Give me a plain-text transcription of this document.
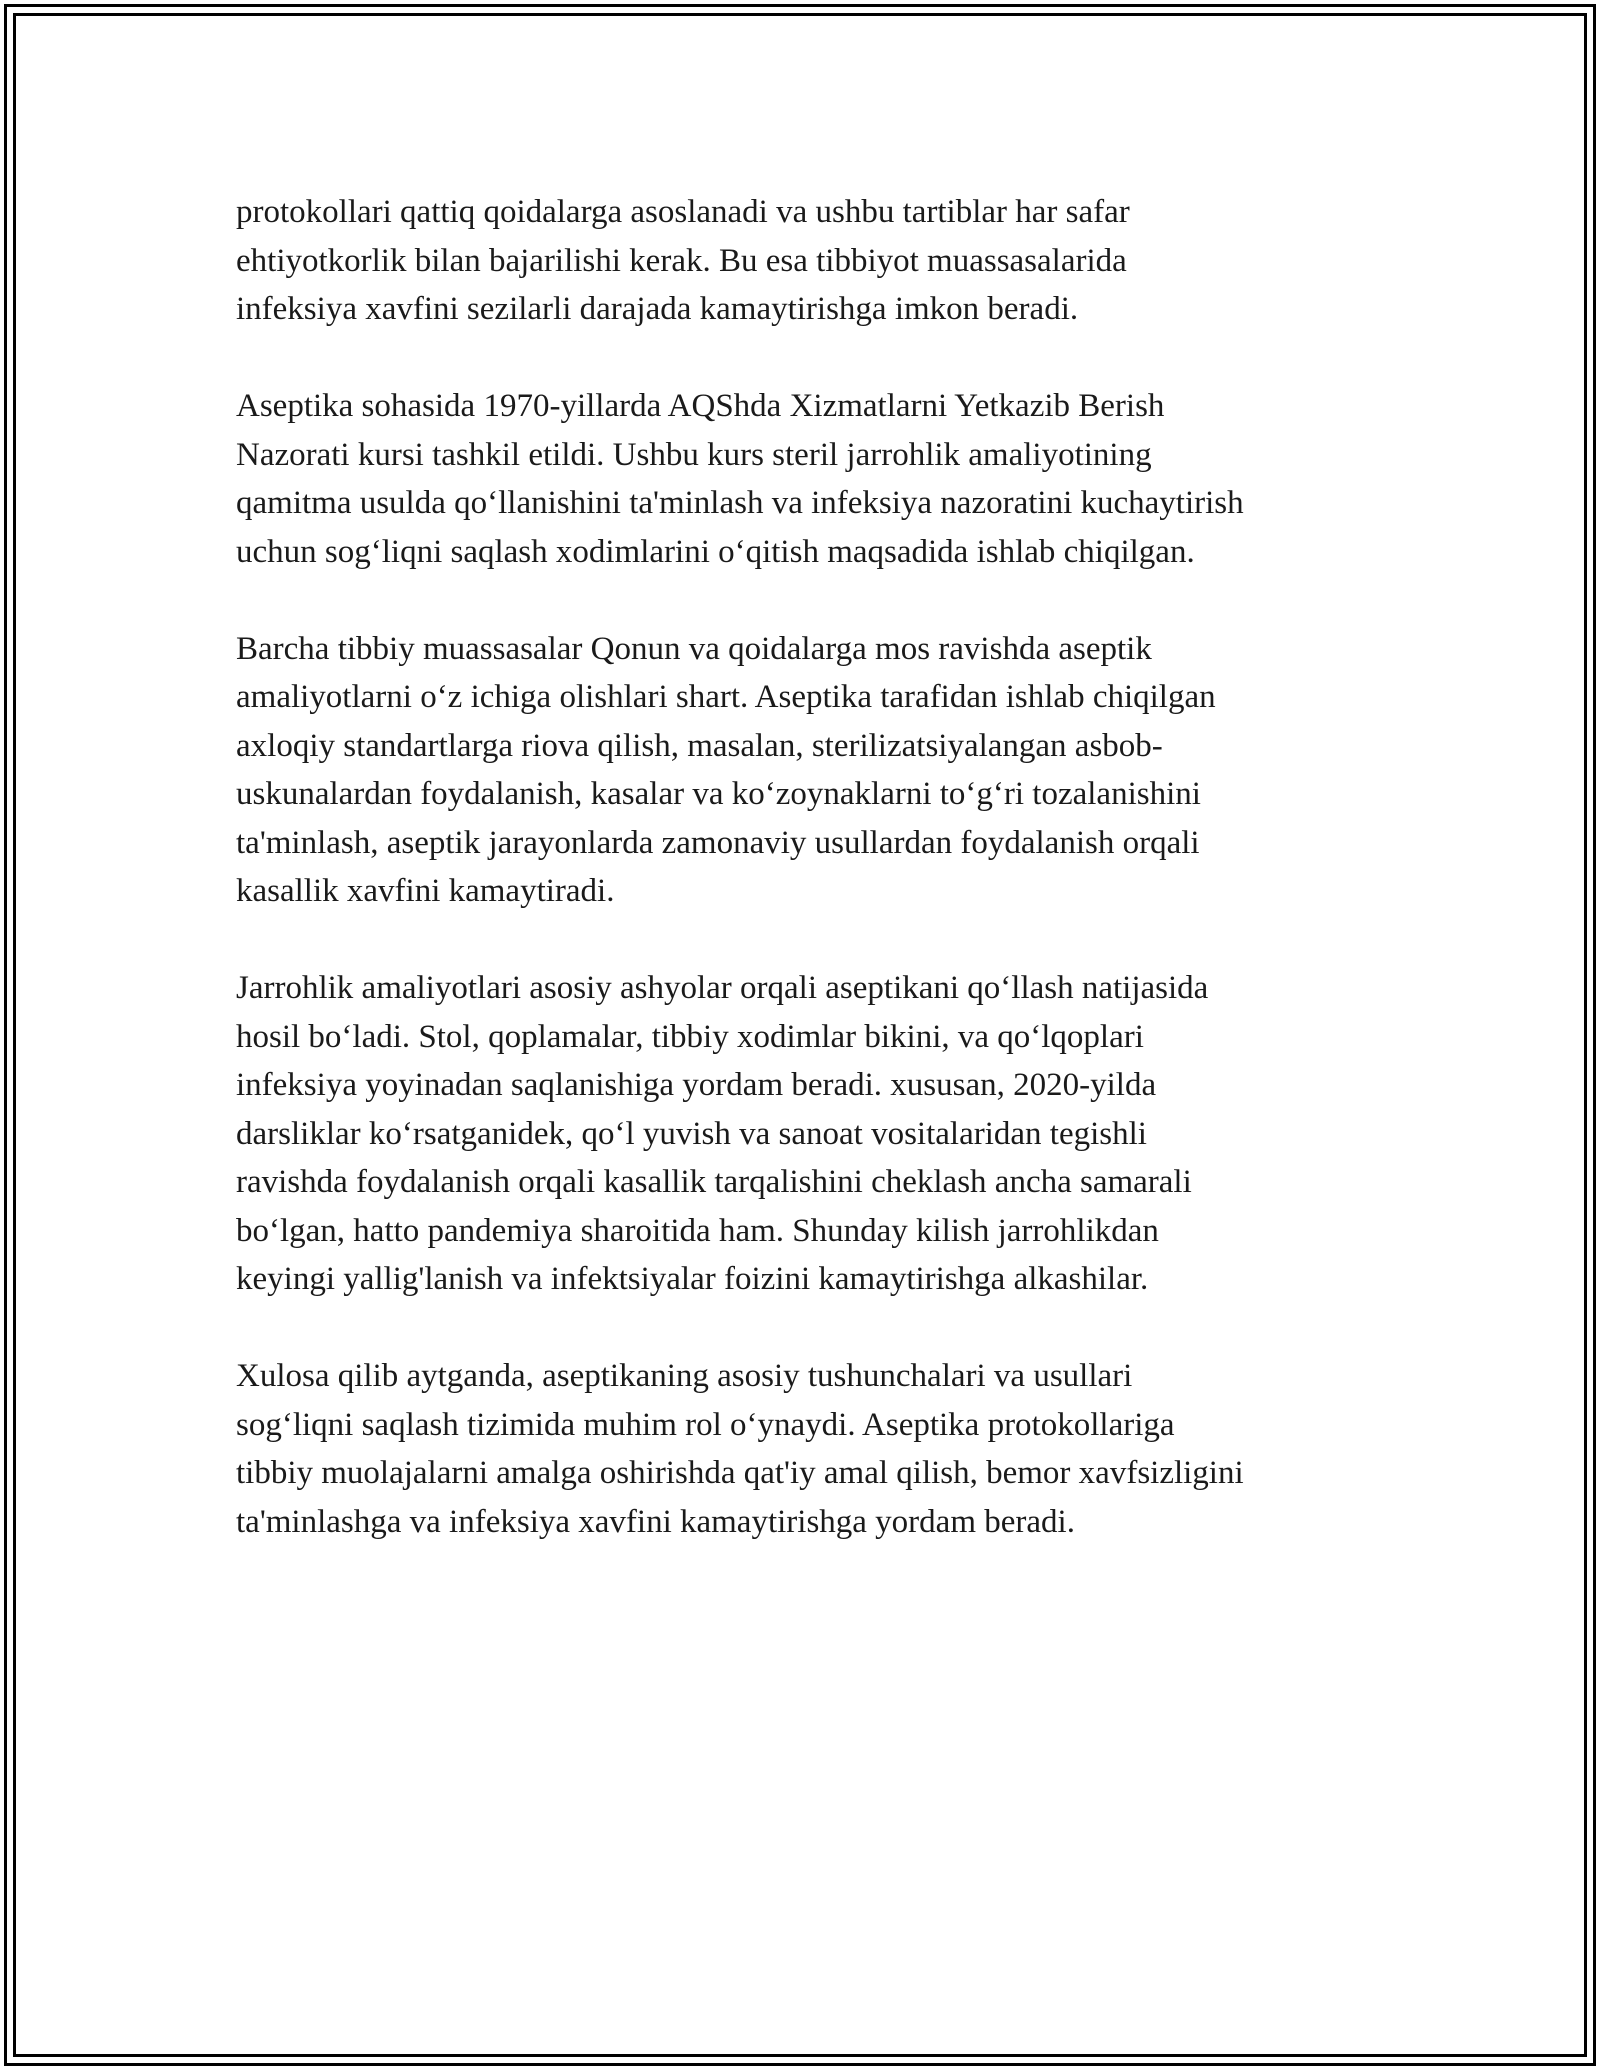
protokollari qattiq qoidalarga asoslanadi va ushbu tartiblar har safar
ehtiyotkorlik bilan bajarilishi kerak. Bu esa tibbiyot muassasalarida
infeksiya xavfini sezilarli darajada kamaytirishga imkon beradi.

Aseptika sohasida 1970-yillarda AQShda Xizmatlarni Yetkazib Berish
Nazorati kursi tashkil etildi. Ushbu kurs steril jarrohlik amaliyotining
qamitma usulda qo‘llanishini ta'minlash va infeksiya nazoratini kuchaytirish
uchun sog‘liqni saqlash xodimlarini o‘qitish maqsadida ishlab chiqilgan.

Barcha tibbiy muassasalar Qonun va qoidalarga mos ravishda aseptik
amaliyotlarni o‘z ichiga olishlari shart. Aseptika tarafidan ishlab chiqilgan
axloqiy standartlarga riova qilish, masalan, sterilizatsiyalangan asbob-
uskunalardan foydalanish, kasalar va ko‘zoynaklarni to‘g‘ri tozalanishini
ta'minlash, aseptik jarayonlarda zamonaviy usullardan foydalanish orqali
kasallik xavfini kamaytiradi.

Jarrohlik amaliyotlari asosiy ashyolar orqali aseptikani qo‘llash natijasida
hosil bo‘ladi. Stol, qoplamalar, tibbiy xodimlar bikini, va qo‘lqoplari
infeksiya yoyinadan saqlanishiga yordam beradi. xususan, 2020-yilda
darsliklar ko‘rsatganidek, qo‘l yuvish va sanoat vositalaridan tegishli
ravishda foydalanish orqali kasallik tarqalishini cheklash ancha samarali
bo‘lgan, hatto pandemiya sharoitida ham. Shunday kilish jarrohlikdan
keyingi yallig'lanish va infektsiyalar foizini kamaytirishga alkashilar.

Xulosa qilib aytganda, aseptikaning asosiy tushunchalari va usullari
sog‘liqni saqlash tizimida muhim rol o‘ynaydi. Aseptika protokollariga
tibbiy muolajalarni amalga oshirishda qat'iy amal qilish, bemor xavfsizligini
ta'minlashga va infeksiya xavfini kamaytirishga yordam beradi.
